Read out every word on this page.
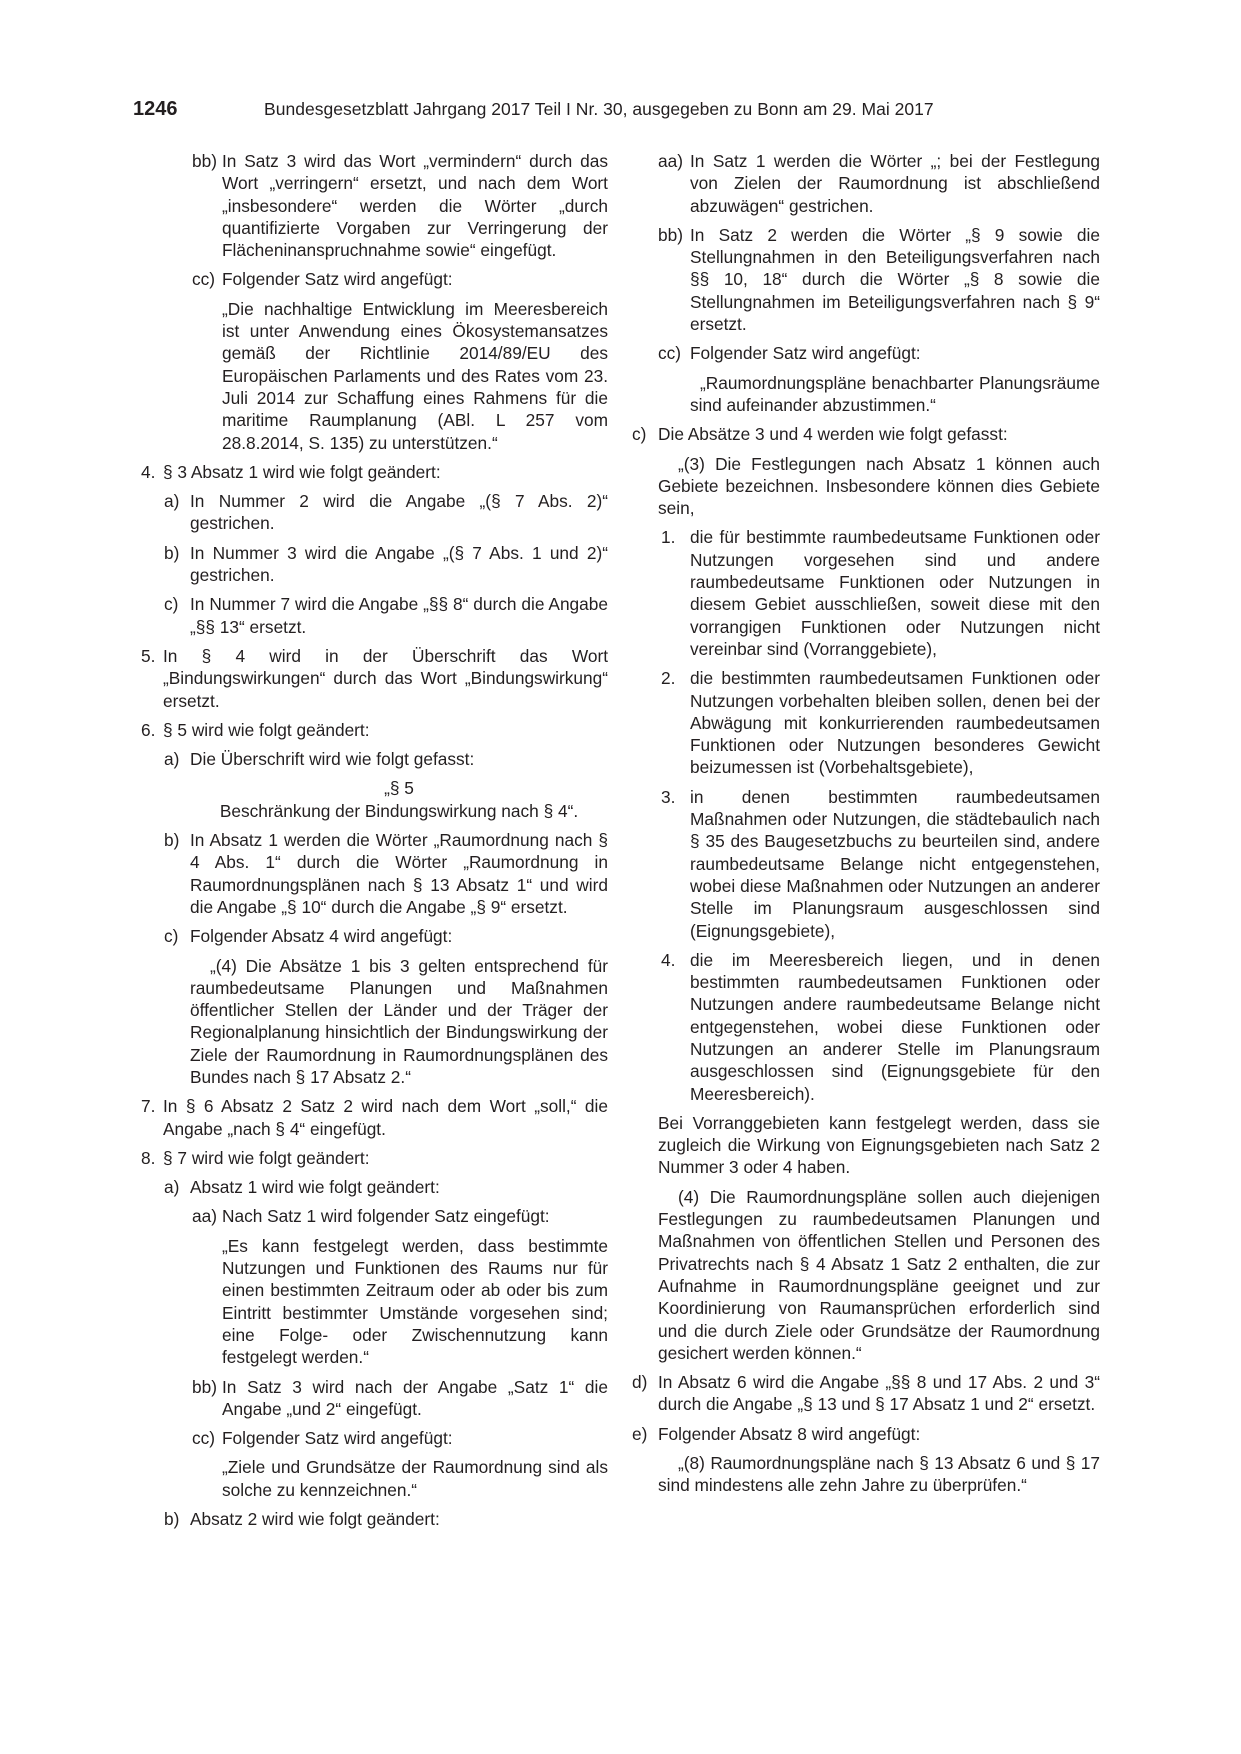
1246	Bundesgesetzblatt Jahrgang 2017 Teil I Nr. 30, ausgegeben zu Bonn am 29. Mai 2017
bb) In Satz 3 wird das Wort „vermindern“ durch das Wort „verringern“ ersetzt, und nach dem Wort „insbesondere“ werden die Wörter „durch quantifizierte Vorgaben zur Verringerung der Flächeninanspruchnahme sowie“ eingefügt.

cc) Folgender Satz wird angefügt:

„Die nachhaltige Entwicklung im Meeresbereich ist unter Anwendung eines Ökosystemansatzes gemäß der Richtlinie 2014/89/EU des Europäischen Parlaments und des Rates vom 23. Juli 2014 zur Schaffung eines Rahmens für die maritime Raumplanung (ABl. L 257 vom 28.8.2014, S. 135) zu unterstützen.“

4. § 3 Absatz 1 wird wie folgt geändert:

a) In Nummer 2 wird die Angabe „(§ 7 Abs. 2)“ gestrichen.

b) In Nummer 3 wird die Angabe „(§ 7 Abs. 1 und 2)“ gestrichen.

c) In Nummer 7 wird die Angabe „§§ 8“ durch die Angabe „§§ 13“ ersetzt.

5. In § 4 wird in der Überschrift das Wort „Bindungswirkungen“ durch das Wort „Bindungswirkung“ ersetzt.

6. § 5 wird wie folgt geändert:

a) Die Überschrift wird wie folgt gefasst:

„§ 5

Beschränkung der Bindungswirkung nach § 4“.

b) In Absatz 1 werden die Wörter „Raumordnung nach § 4 Abs. 1“ durch die Wörter „Raumordnung in Raumordnungsplänen nach § 13 Absatz 1“ und wird die Angabe „§ 10“ durch die Angabe „§ 9“ ersetzt.

c) Folgender Absatz 4 wird angefügt:

„(4) Die Absätze 1 bis 3 gelten entsprechend für raumbedeutsame Planungen und Maßnahmen öffentlicher Stellen der Länder und der Träger der Regionalplanung hinsichtlich der Bindungswirkung der Ziele der Raumordnung in Raumordnungsplänen des Bundes nach § 17 Absatz 2.“

7. In § 6 Absatz 2 Satz 2 wird nach dem Wort „soll,“ die Angabe „nach § 4“ eingefügt.

8. § 7 wird wie folgt geändert:

a) Absatz 1 wird wie folgt geändert:

aa) Nach Satz 1 wird folgender Satz eingefügt:

„Es kann festgelegt werden, dass bestimmte Nutzungen und Funktionen des Raums nur für einen bestimmten Zeitraum oder ab oder bis zum Eintritt bestimmter Umstände vorgesehen sind; eine Folge- oder Zwischennutzung kann festgelegt werden.“

bb) In Satz 3 wird nach der Angabe „Satz 1“ die Angabe „und 2“ eingefügt.

cc) Folgender Satz wird angefügt:

„Ziele und Grundsätze der Raumordnung sind als solche zu kennzeichnen.“

b) Absatz 2 wird wie folgt geändert:

aa) In Satz 1 werden die Wörter „; bei der Festlegung von Zielen der Raumordnung ist abschließend abzuwägen“ gestrichen.

bb) In Satz 2 werden die Wörter „§ 9 sowie die Stellungnahmen in den Beteiligungsverfahren nach §§ 10, 18“ durch die Wörter „§ 8 sowie die Stellungnahmen im Beteiligungsverfahren nach § 9“ ersetzt.

cc) Folgender Satz wird angefügt:

„Raumordnungspläne benachbarter Planungsräume sind aufeinander abzustimmen.“

c) Die Absätze 3 und 4 werden wie folgt gefasst:

„(3) Die Festlegungen nach Absatz 1 können auch Gebiete bezeichnen. Insbesondere können dies Gebiete sein,

1. die für bestimmte raumbedeutsame Funktionen oder Nutzungen vorgesehen sind und andere raumbedeutsame Funktionen oder Nutzungen in diesem Gebiet ausschließen, soweit diese mit den vorrangigen Funktionen oder Nutzungen nicht vereinbar sind (Vorranggebiete),

2. die bestimmten raumbedeutsamen Funktionen oder Nutzungen vorbehalten bleiben sollen, denen bei der Abwägung mit konkurrierenden raumbedeutsamen Funktionen oder Nutzungen besonderes Gewicht beizumessen ist (Vorbehaltsgebiete),

3. in denen bestimmten raumbedeutsamen Maßnahmen oder Nutzungen, die städtebaulich nach § 35 des Baugesetzbuchs zu beurteilen sind, andere raumbedeutsame Belange nicht entgegenstehen, wobei diese Maßnahmen oder Nutzungen an anderer Stelle im Planungsraum ausgeschlossen sind (Eignungsgebiete),

4. die im Meeresbereich liegen, und in denen bestimmten raumbedeutsamen Funktionen oder Nutzungen andere raumbedeutsame Belange nicht entgegenstehen, wobei diese Funktionen oder Nutzungen an anderer Stelle im Planungsraum ausgeschlossen sind (Eignungsgebiete für den Meeresbereich).

Bei Vorranggebieten kann festgelegt werden, dass sie zugleich die Wirkung von Eignungsgebieten nach Satz 2 Nummer 3 oder 4 haben.

(4) Die Raumordnungspläne sollen auch diejenigen Festlegungen zu raumbedeutsamen Planungen und Maßnahmen von öffentlichen Stellen und Personen des Privatrechts nach § 4 Absatz 1 Satz 2 enthalten, die zur Aufnahme in Raumordnungspläne geeignet und zur Koordinierung von Raumansprüchen erforderlich sind und die durch Ziele oder Grundsätze der Raumordnung gesichert werden können.“

d) In Absatz 6 wird die Angabe „§§ 8 und 17 Abs. 2 und 3“ durch die Angabe „§ 13 und § 17 Absatz 1 und 2“ ersetzt.

e) Folgender Absatz 8 wird angefügt:

„(8) Raumordnungspläne nach § 13 Absatz 6 und § 17 sind mindestens alle zehn Jahre zu überprüfen.“
